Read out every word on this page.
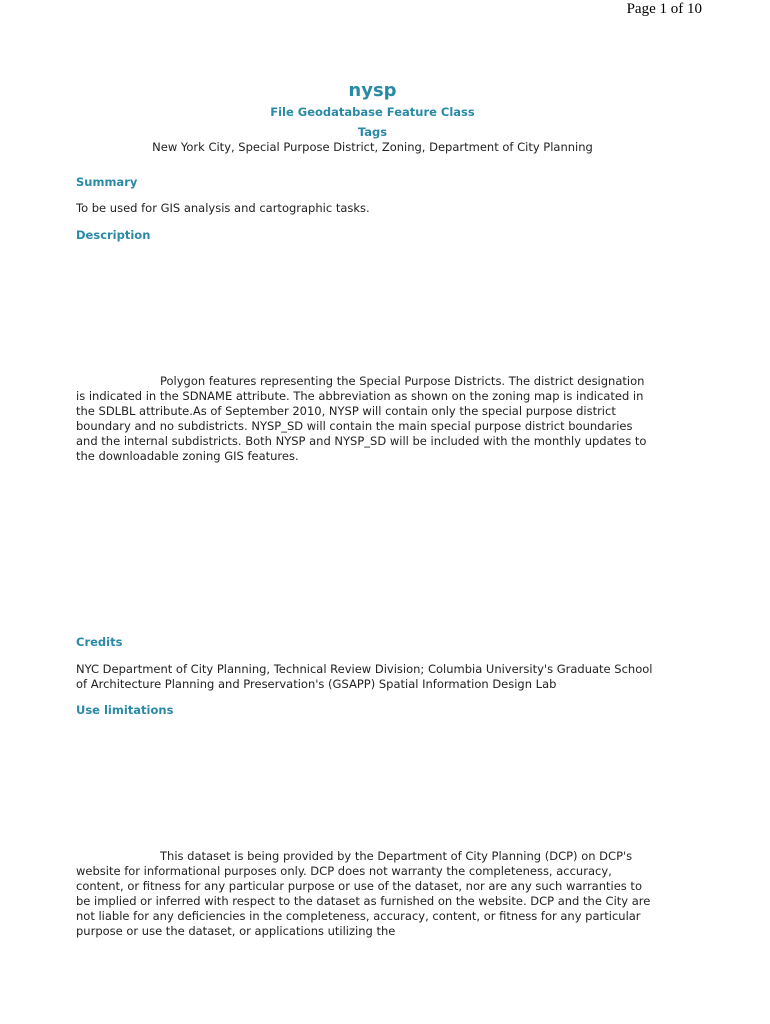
Page 1 of 10
nysp
File Geodatabase Feature Class
Tags
New York City, Special Purpose District, Zoning, Department of City Planning
Summary
To be used for GIS analysis and cartographic tasks.
Description
Polygon features representing the Special Purpose Districts. The district designation is indicated in the SDNAME attribute. The abbreviation as shown on the zoning map is indicated in the SDLBL attribute.As of September 2010, NYSP will contain only the special purpose district boundary and no subdistricts. NYSP_SD will contain the main special purpose district boundaries and the internal subdistricts. Both NYSP and NYSP_SD will be included with the monthly updates to the downloadable zoning GIS features.
Credits
NYC Department of City Planning, Technical Review Division; Columbia University's Graduate School of Architecture Planning and Preservation's (GSAPP) Spatial Information Design Lab
Use limitations
This dataset is being provided by the Department of City Planning (DCP) on DCP's website for informational purposes only. DCP does not warranty the completeness, accuracy, content, or fitness for any particular purpose or use of the dataset, nor are any such warranties to be implied or inferred with respect to the dataset as furnished on the website. DCP and the City are not liable for any deficiencies in the completeness, accuracy, content, or fitness for any particular purpose or use the dataset, or applications utilizing the
